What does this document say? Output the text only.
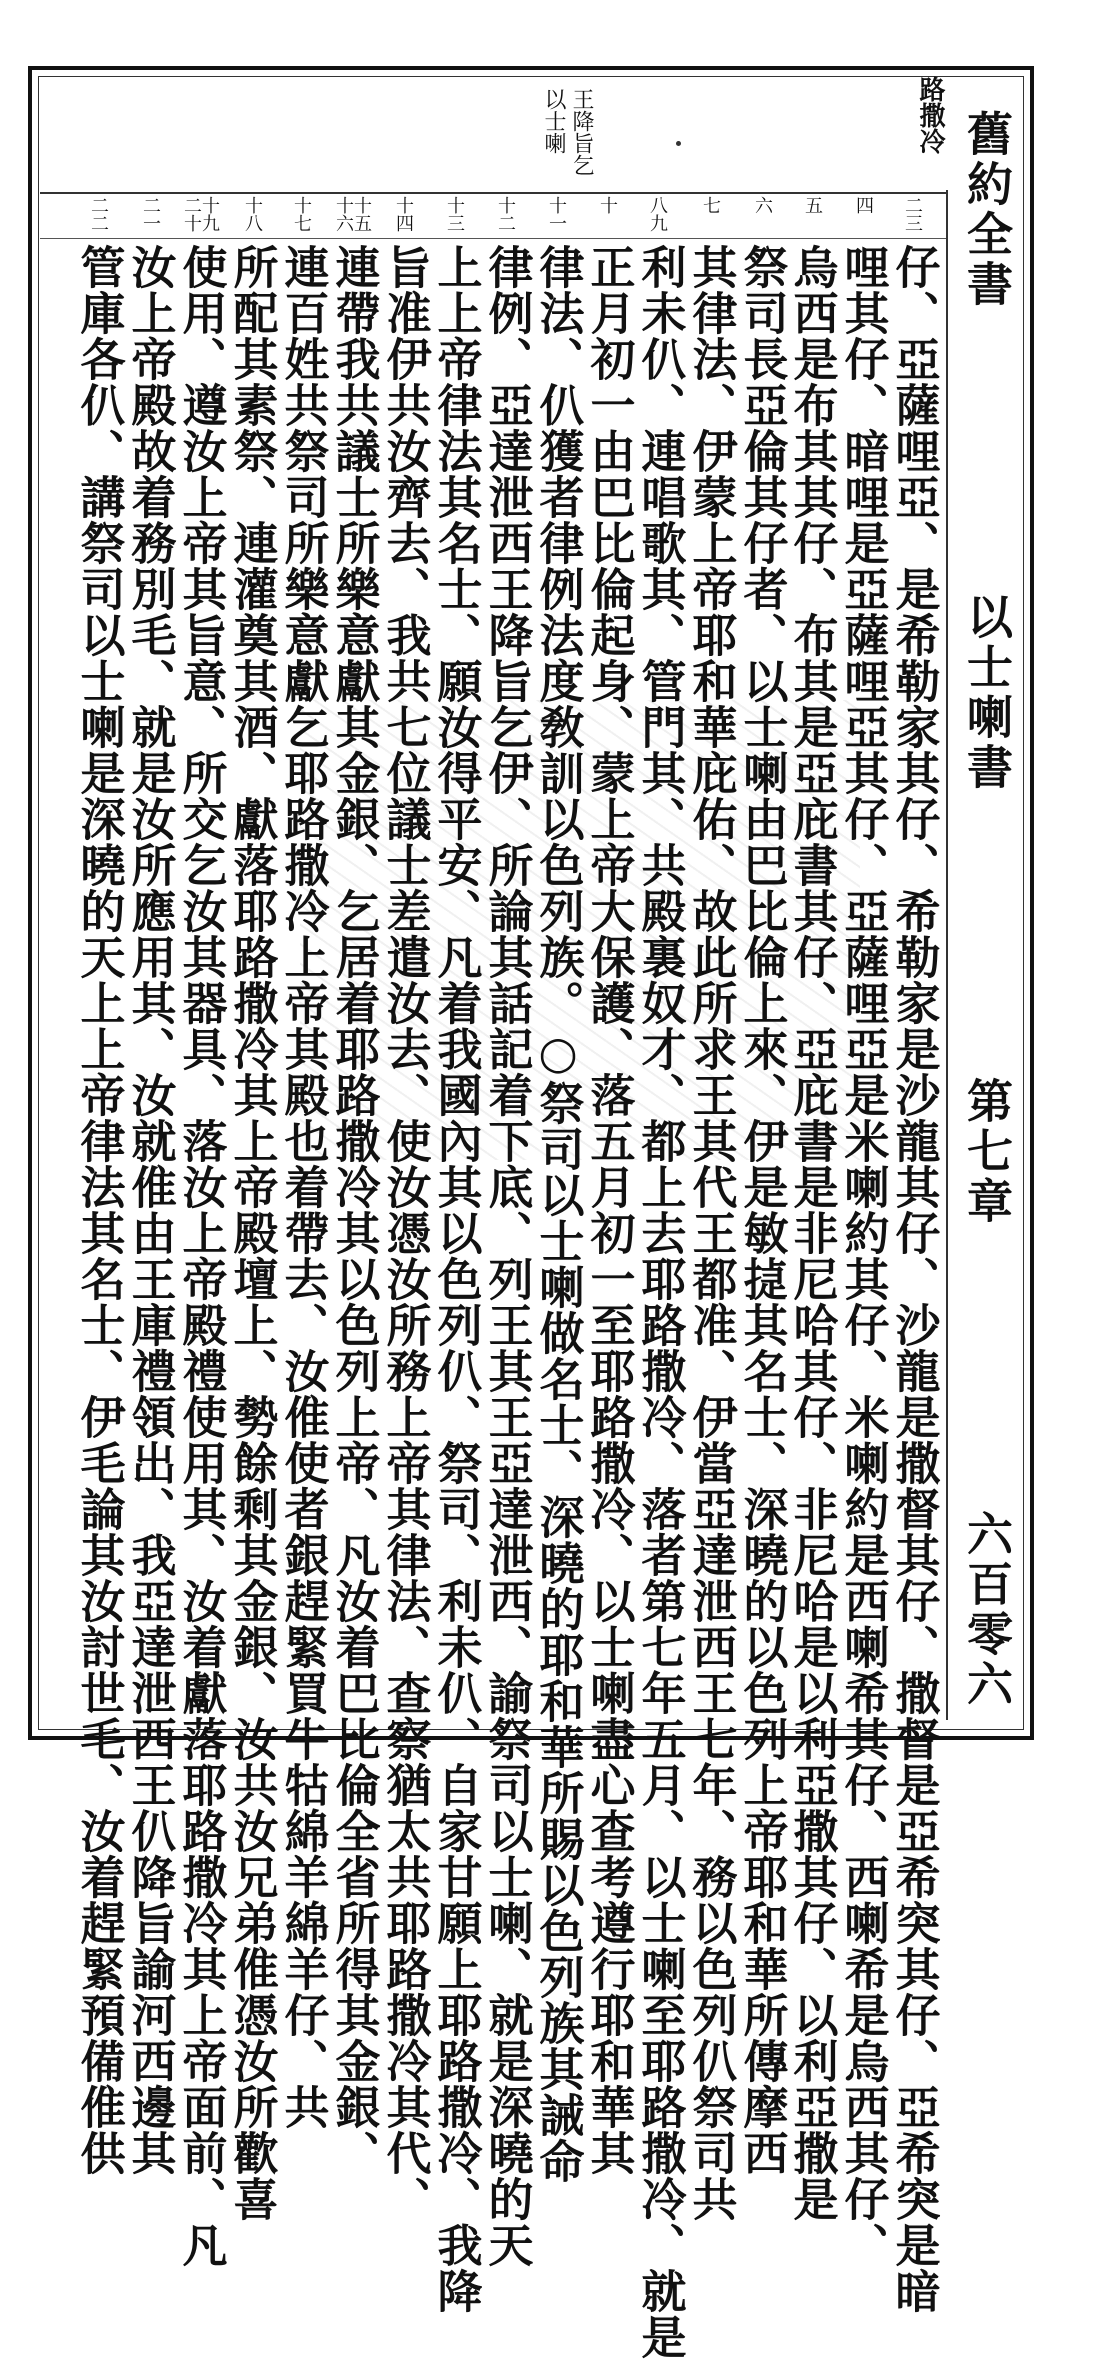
舊約全書
以士喇書
第七章
六百零六
路撒冷
王降旨乞
以士喇
二三
四
五
六
七
八九
十
十一
十二
十三
十四
十五十六
十七
十八
十九二十
二一
二二
仔、亞薩哩亞、是希勒家其仔、希勒家是沙龍其仔、沙龍是撒督其仔、撒督是亞希突其仔、亞希突是暗
哩其仔、暗哩是亞薩哩亞其仔、亞薩哩亞是米喇約其仔、米喇約是西喇希其仔、西喇希是烏西其仔、
烏西是布其其仔、布其是亞庇書其仔、亞庇書是非尼哈其仔、非尼哈是以利亞撒其仔、以利亞撒是
祭司長亞倫其仔者、以士喇由巴比倫上來、伊是敏㨗其名士、深曉的以色列上帝耶和華所傳摩西
其律法、伊蒙上帝耶和華庇佑、故此所求王其代王都准、伊當亞達泄西王七年、務以色列仈祭司共
利未仈、連唱歌其、管門其、共殿裏奴才、都上去耶路撒冷、落者第七年五月、以士喇至耶路撒冷、就是
正月初一由巴比倫起身、蒙上帝大保護、落五月初一至耶路撒冷、以士喇盡心查考遵行耶和華其
律法、仈獲者律例法度敎訓以色列族。○祭司以士喇做名士、深曉的耶和華所賜以色列族其誡命
律例、亞達泄西王降旨乞伊、所論其話記着下底、列王其王亞達泄西、諭祭司以士喇、就是深曉的天
上上帝律法其名士、願汝得平安、凡着我國內其以色列仈、祭司、利未仈、自家甘願上耶路撒冷、我降
旨准伊共汝齊去、我共七位議士差遣汝去、使汝憑汝所務上帝其律法、查察猶太共耶路撒冷其代、
連帶我共議士所樂意獻其金銀、乞居着耶路撒冷其以色列上帝、凡汝着巴比倫全省所得其金銀、
連百姓共祭司所樂意獻乞耶路撒冷上帝其殿也着帶去、汝倠使者銀趕緊買牛牯綿羊綿羊仔、共
所配其素祭、連灌奠其酒、獻落耶路撒冷其上帝殿壇上、勢餘剩其金銀、汝共汝兄弟倠憑汝所歡喜
使用、遵汝上帝其旨意、所交乞汝其器具、落汝上帝殿禮使用其、汝着獻落耶路撒冷其上帝面前、凡
汝上帝殿故着務別毛、就是汝所應用其、汝就倠由王庫禮領出、我亞達泄西王仈降旨諭河西邊其
管庫各仈、講祭司以士喇是深曉的天上上帝律法其名士、伊毛論其汝討世毛、汝着趕緊預備倠供
